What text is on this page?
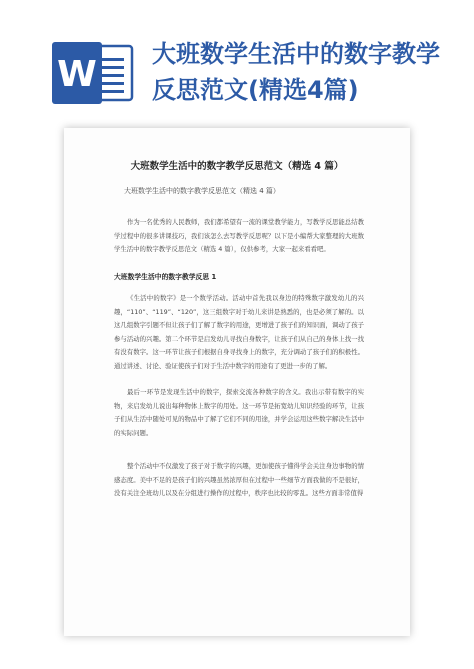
W 大班数学生活中的数字教学反思范文(精选4篇)
大班数学生活中的数字教学反思范文（精选 4 篇）
大班数学生活中的数字教学反思范文（精选 4 篇）

作为一名优秀的人民教师，我们都希望有一流的课堂教学能力，写教学反思能总结教学过程中的很多讲课技巧，我们该怎么去写教学反思呢？以下是小编帮大家整理的大班数学生活中的数字教学反思范文（精选 4 篇），仅供参考，大家一起来看看吧。

大班数学生活中的数字教学反思 1

《生活中的数字》是一个数学活动。活动中首先我以身边的特殊数字激发幼儿的兴趣，“110”、“119”、“120”，这三组数字对于幼儿来讲是熟悉的，也是必须了解的。以这几组数字引题不但让孩子们了解了数字的用途，更增进了孩子们的知识面，调动了孩子参与活动的兴趣。第二个环节是启发幼儿寻找自身数字，让孩子们从自己的身体上找一找有没有数字。这一环节让孩子们根据自身寻找身上的数字，充分调动了孩子们的积极性。通过讲述、讨论、验证使孩子们对于生活中数字的用途有了更进一步的了解。

最后一环节是发现生活中的数字，探索交流各种数字的含义。我出示带有数字的实物，来启发幼儿说出每种物体上数字的用处。这一环节是拓宽幼儿知识经验的环节，让孩子们从生活中随处可见的物品中了解了它们不同的用途，并学会运用这些数字解决生活中的实际问题。

整个活动中不仅激发了孩子对于数字的兴趣，更加使孩子懂得学会关注身边事物的情感态度。美中不足的是孩子们的兴趣虽然浓厚但在过程中一些细节方面我做的不是很好，没有关注全班幼儿以及在分组进行操作的过程中，秩序也比较的零乱。这些方面非常值得
